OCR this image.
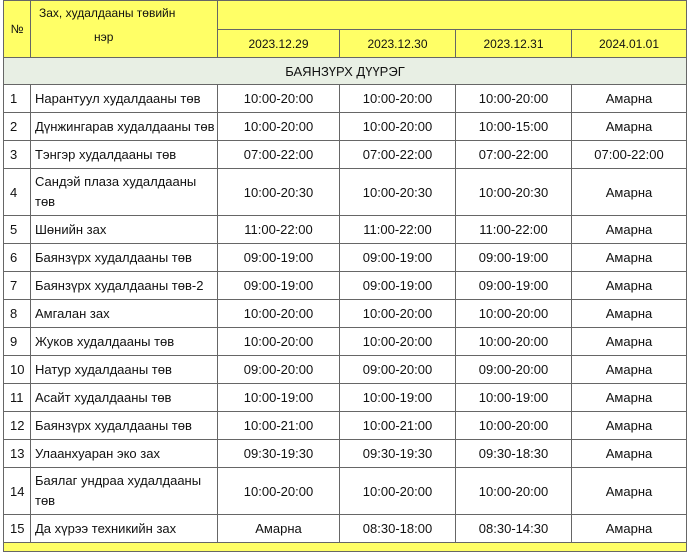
№	Зах, худалдааны төвийн
нэр				

		2023.12.29	2023.12.30	2023.12.31	2024.01.01
БАЯНЗҮРХ ДҮҮРЭГ					
1	Нарантуул худалдааны төв	10:00-20:00	10:00-20:00	10:00-20:00	Амарна
2	Дүнжингарав худалдааны төв	10:00-20:00	10:00-20:00	10:00-15:00	Амарна
3	Тэнгэр худалдааны төв	07:00-22:00	07:00-22:00	07:00-22:00	07:00-22:00
4	Сандэй плаза худалдааны төв	10:00-20:30	10:00-20:30	10:00-20:30	Амарна
5	Шөнийн зах	11:00-22:00	11:00-22:00	11:00-22:00	Амарна
6	Баянзүрх худалдааны төв	09:00-19:00	09:00-19:00	09:00-19:00	Амарна
7	Баянзүрх худалдааны төв-2	09:00-19:00	09:00-19:00	09:00-19:00	Амарна
8	Амгалан зах	10:00-20:00	10:00-20:00	10:00-20:00	Амарна
9	Жуков худалдааны төв	10:00-20:00	10:00-20:00	10:00-20:00	Амарна
10	Натур худалдааны төв	09:00-20:00	09:00-20:00	09:00-20:00	Амарна
11	Асайт худалдааны төв	10:00-19:00	10:00-19:00	10:00-19:00	Амарна
12	Баянзүрх худалдааны төв	10:00-21:00	10:00-21:00	10:00-20:00	Амарна
13	Улаанхуаран эко зах	09:30-19:30	09:30-19:30	09:30-18:30	Амарна
14	Баялаг ундраа худалдааны төв	10:00-20:00	10:00-20:00	10:00-20:00	Амарна
15	Да хүрээ техникийн зах	Амарна	08:30-18:00	08:30-14:30	Амарна
